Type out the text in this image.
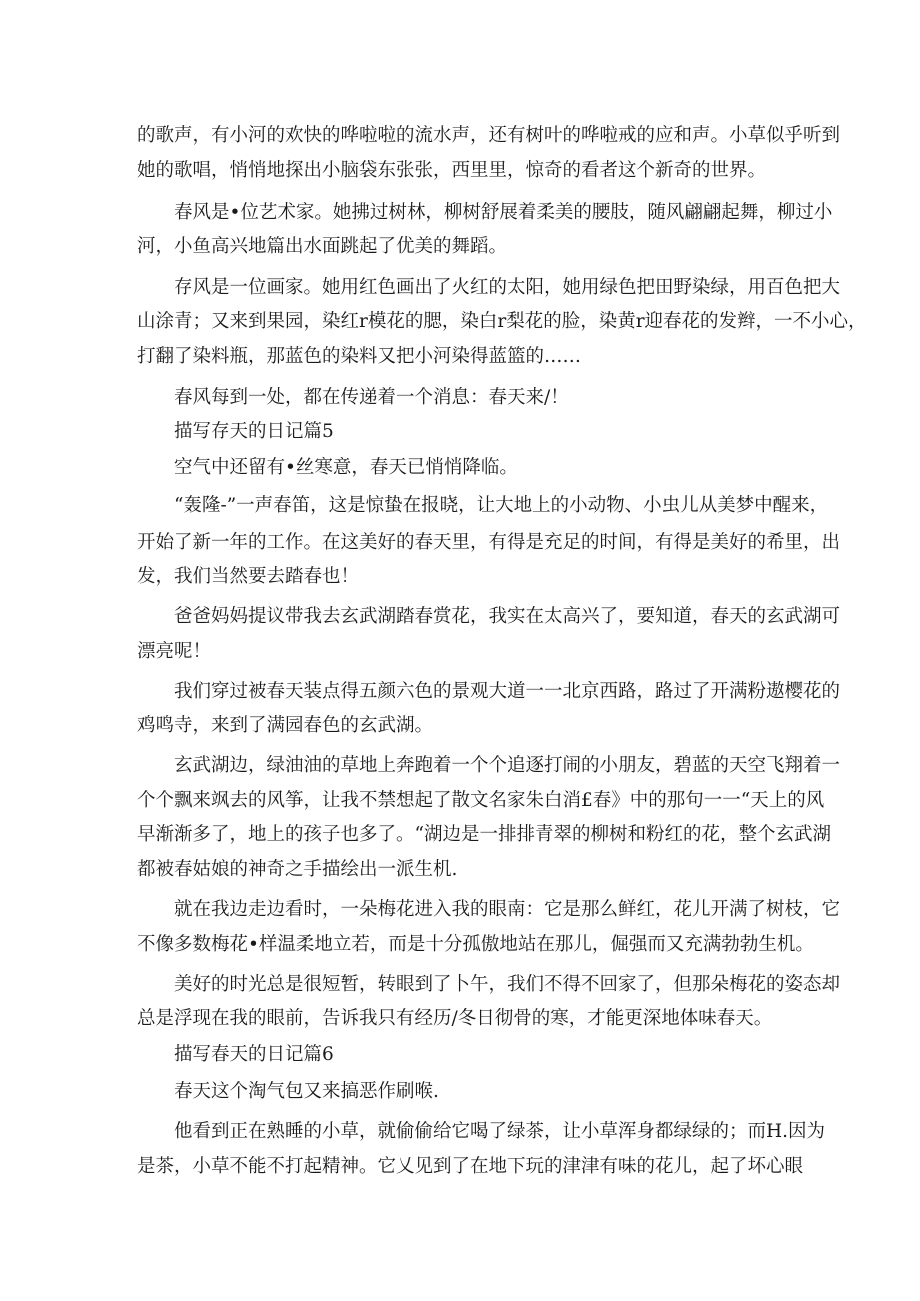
的歌声，有小河的欢快的哗啦啦的流水声，还有树叶的哗啦戒的应和声。小草似乎听到
她的歌唱，悄悄地探出小脑袋东张张，西里里，惊奇的看者这个新奇的世界。
春风是•位艺术家。她拂过树林，柳树舒展着柔美的腰肢，随风翩翩起舞，柳过小
河，小鱼高兴地篇出水面跳起了优美的舞蹈。
存风是一位画家。她用红色画出了火红的太阳，她用绿色把田野染绿，用百色把大
山涂青；又来到果园，染红r模花的腮，染白r梨花的脸，染黄r迎春花的发辫，一不小心，
打翻了染料瓶，那蓝色的染料又把小河染得蓝篮的……
春风每到一处，都在传递着一个消息：春天来/！
描写存天的日记篇5
空气中还留有•丝寒意，春天已悄悄降临。
“轰隆-”一声春笛，这是惊蛰在报晓，让大地上的小动物、小虫儿从美梦中醒来，
开始了新一年的工作。在这美好的春天里，有得是充足的时间，有得是美好的希里，出
发，我们当然要去踏春也！
爸爸妈妈提议带我去玄武湖踏春赏花，我实在太高兴了，要知道，春天的玄武湖可
漂亮呢！
我们穿过被春天装点得五颜六色的景观大道一一北京西路，路过了开满粉遨樱花的
鸡鸣寺，来到了满园春色的玄武湖。
玄武湖边，绿油油的草地上奔跑着一个个追逐打闹的小朋友，碧蓝的天空飞翔着一
个个飘来飒去的风筝，让我不禁想起了散文名家朱白消£春》中的那句一一“天上的风
早渐渐多了，地上的孩子也多了。“湖边是一排排青翠的柳树和粉红的花，整个玄武湖
都被春姑娘的神奇之手描绘出一派生机.
就在我边走边看时，一朵梅花进入我的眼南：它是那么鲜红，花儿开满了树枝，它
不像多数梅花•样温柔地立若，而是十分孤傲地站在那儿，倔强而又充满勃勃生机。
美好的时光总是很短暂，转眼到了卜午，我们不得不回家了，但那朵梅花的姿态却
总是浮现在我的眼前，告诉我只有经历/冬日彻骨的寒，才能更深地体味春天。
描写春天的日记篇6
春天这个淘气包又来搞恶作刷喉.
他看到正在熟睡的小草，就偷偷给它喝了绿茶，让小草浑身都绿绿的；而H.因为
是茶，小草不能不打起精神。它乂见到了在地下玩的津津有味的花儿，起了坏心眼
